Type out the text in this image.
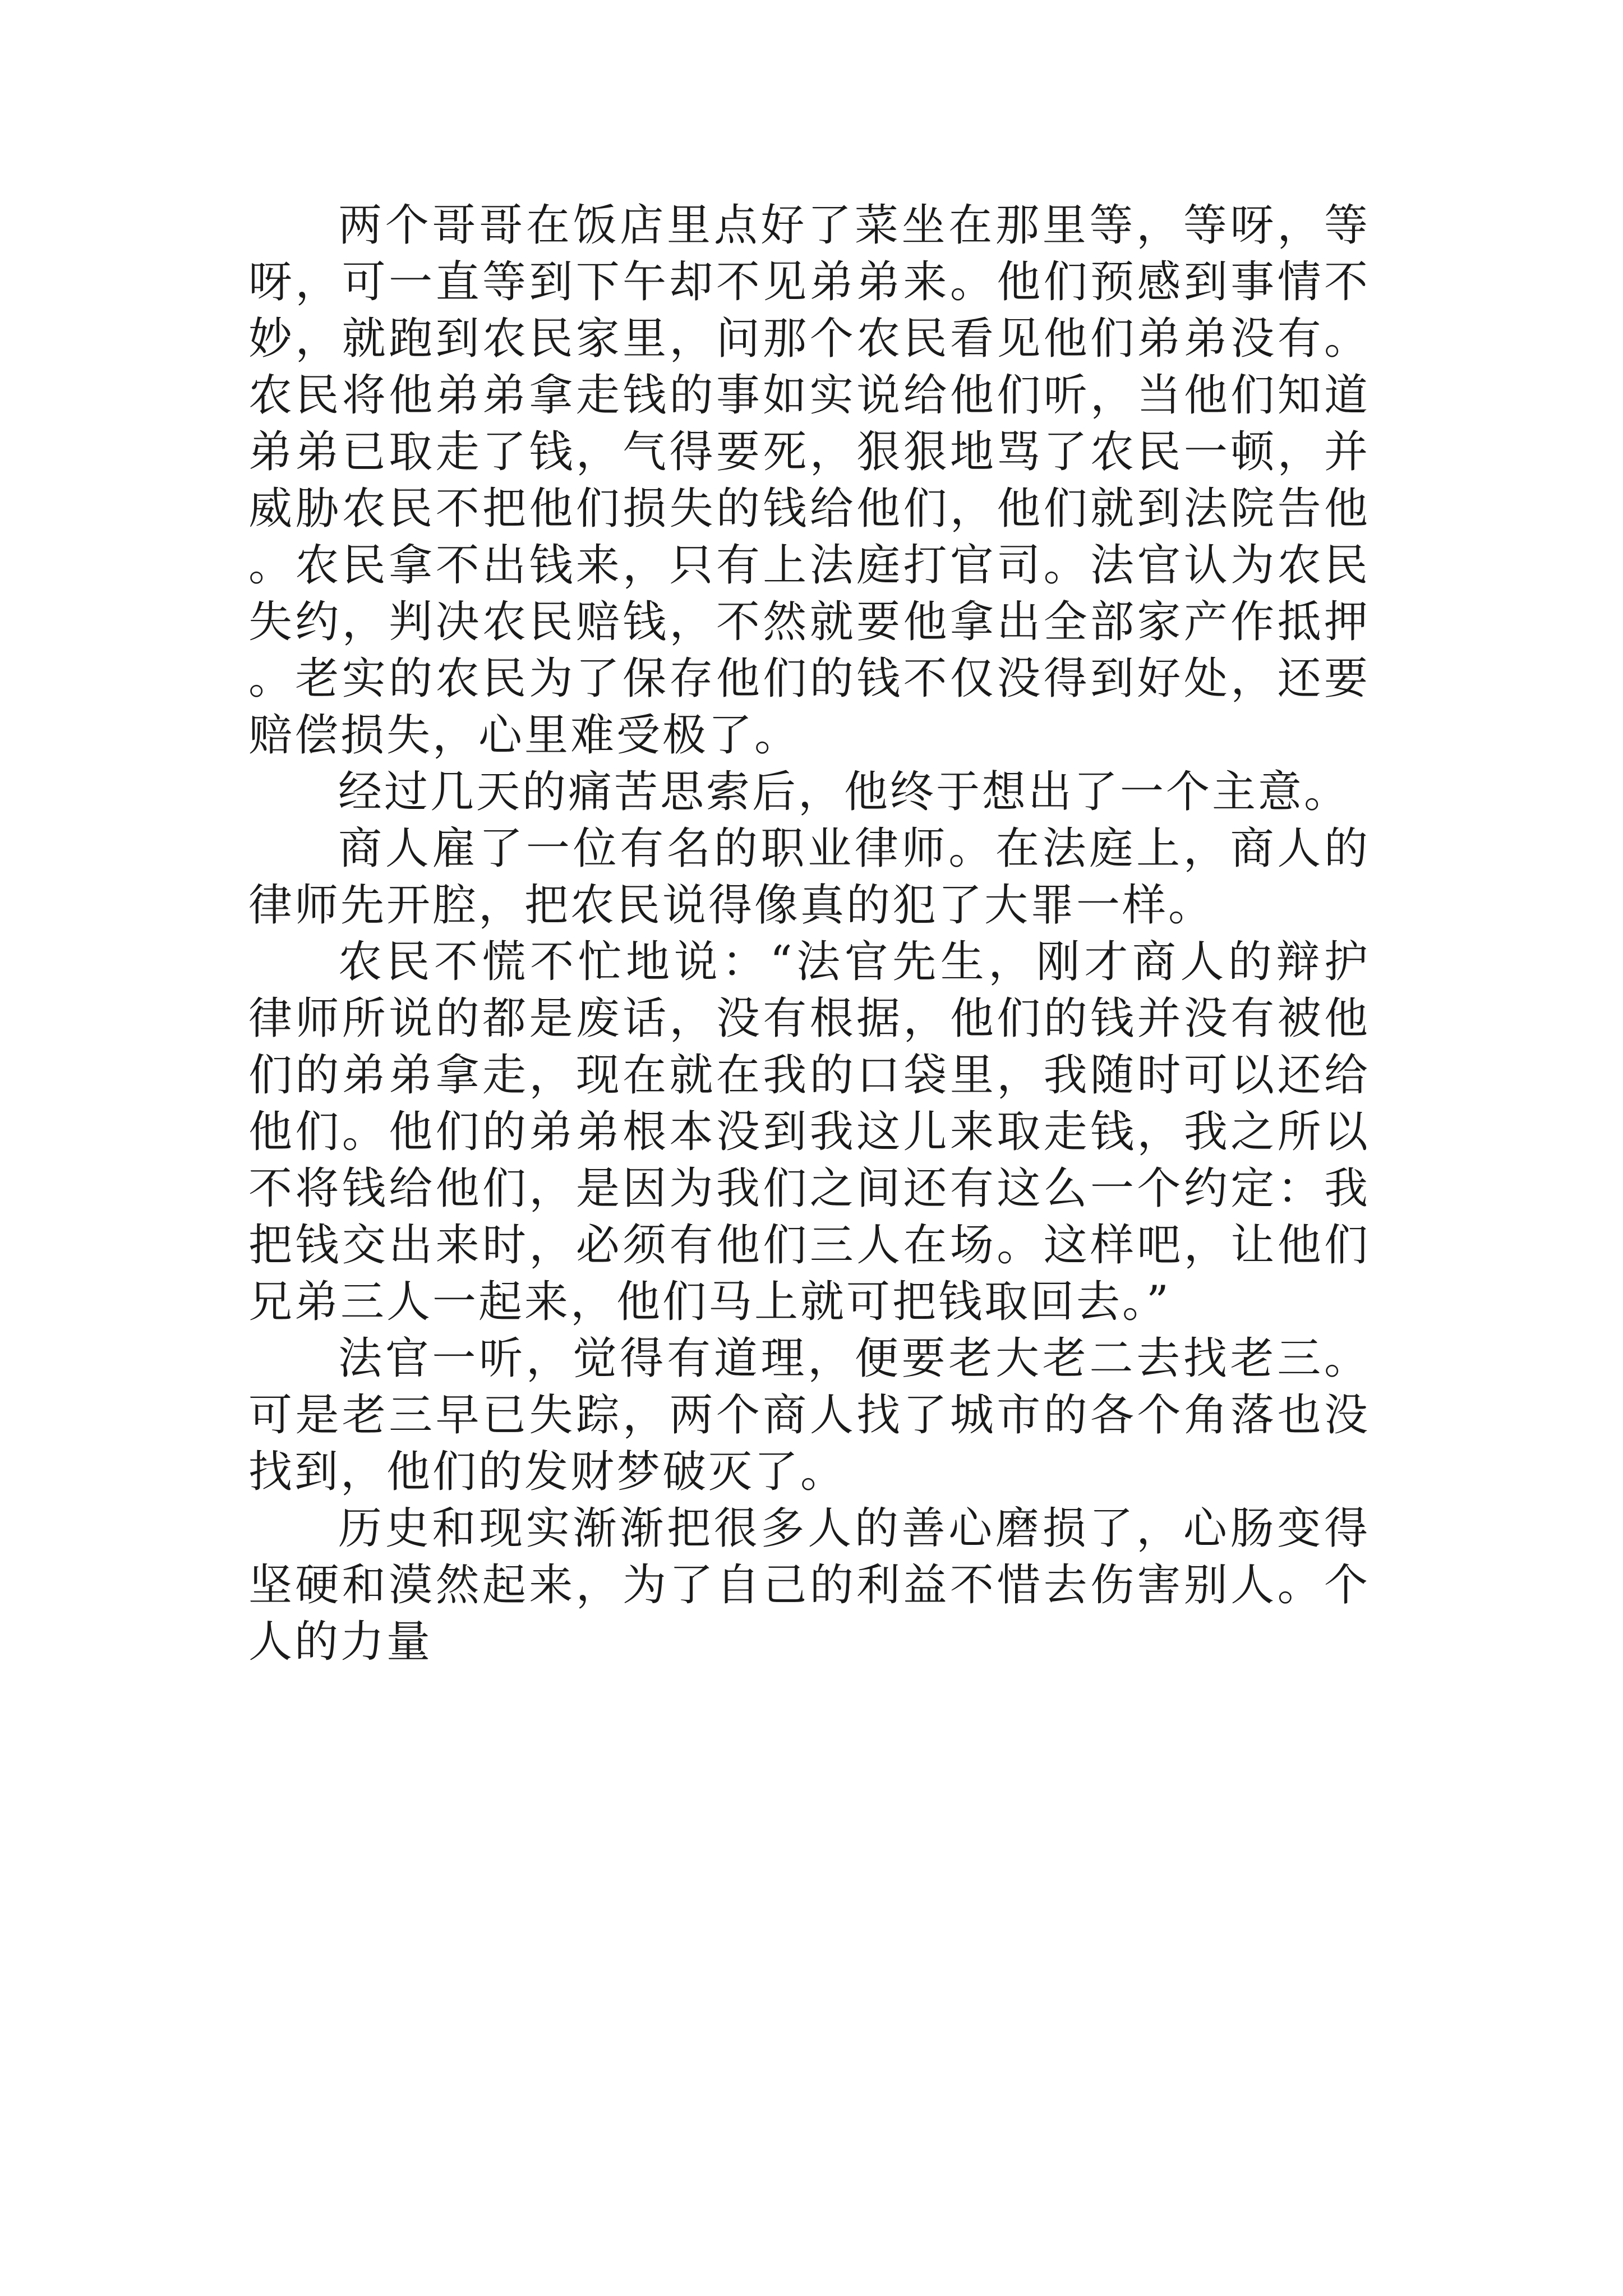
两个哥哥在饭店里点好了菜坐在那里等，等呀，等呀，可一直等到下午却不见弟弟来。他们预感到事情不妙，就跑到农民家里，问那个农民看见他们弟弟没有。农民将他弟弟拿走钱的事如实说给他们听，当他们知道弟弟已取走了钱，气得要死，狠狠地骂了农民一顿，并威胁农民不把他们损失的钱给他们，他们就到法院告他。农民拿不出钱来，只有上法庭打官司。法官认为农民失约，判决农民赔钱，不然就要他拿出全部家产作抵押。老实的农民为了保存他们的钱不仅没得到好处，还要赔偿损失，心里难受极了。

经过几天的痛苦思索后，他终于想出了一个主意。

商人雇了一位有名的职业律师。在法庭上，商人的律师先开腔，把农民说得像真的犯了大罪一样。

农民不慌不忙地说：“法官先生，刚才商人的辩护律师所说的都是废话，没有根据，他们的钱并没有被他们的弟弟拿走，现在就在我的口袋里，我随时可以还给他们。他们的弟弟根本没到我这儿来取走钱，我之所以不将钱给他们，是因为我们之间还有这么一个约定：我把钱交出来时，必须有他们三人在场。这样吧，让他们兄弟三人一起来，他们马上就可把钱取回去。”

法官一听，觉得有道理，便要老大老二去找老三。可是老三早已失踪，两个商人找了城市的各个角落也没找到，他们的发财梦破灭了。

历史和现实渐渐把很多人的善心磨损了，心肠变得坚硬和漠然起来，为了自己的利益不惜去伤害别人。个人的力量
